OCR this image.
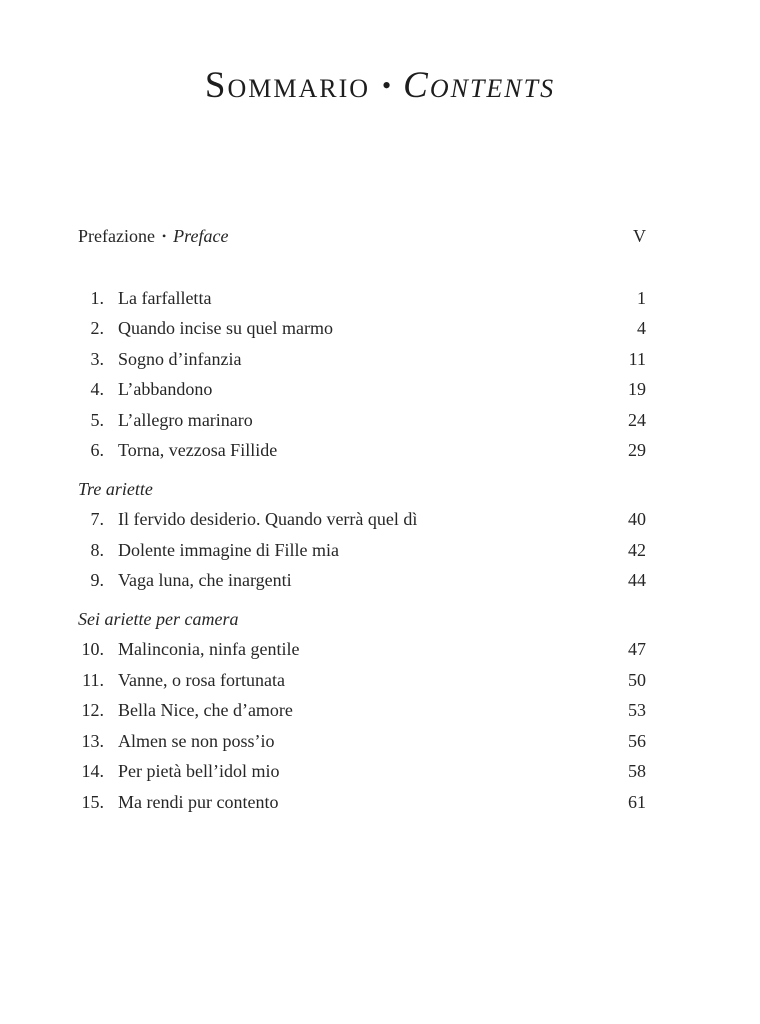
Sommario • Contents
Prefazione • Preface	V
1. La farfalletta	1
2. Quando incise su quel marmo	4
3. Sogno d’infanzia	11
4. L’abbandono	19
5. L’allegro marinaro	24
6. Torna, vezzosa Fillide	29
Tre ariette
7. Il fervido desiderio. Quando verrà quel dì	40
8. Dolente immagine di Fille mia	42
9. Vaga luna, che inargenti	44
Sei ariette per camera
10. Malinconia, ninfa gentile	47
11. Vanne, o rosa fortunata	50
12. Bella Nice, che d’amore	53
13. Almen se non poss’io	56
14. Per pietà bell’idol mio	58
15. Ma rendi pur contento	61
